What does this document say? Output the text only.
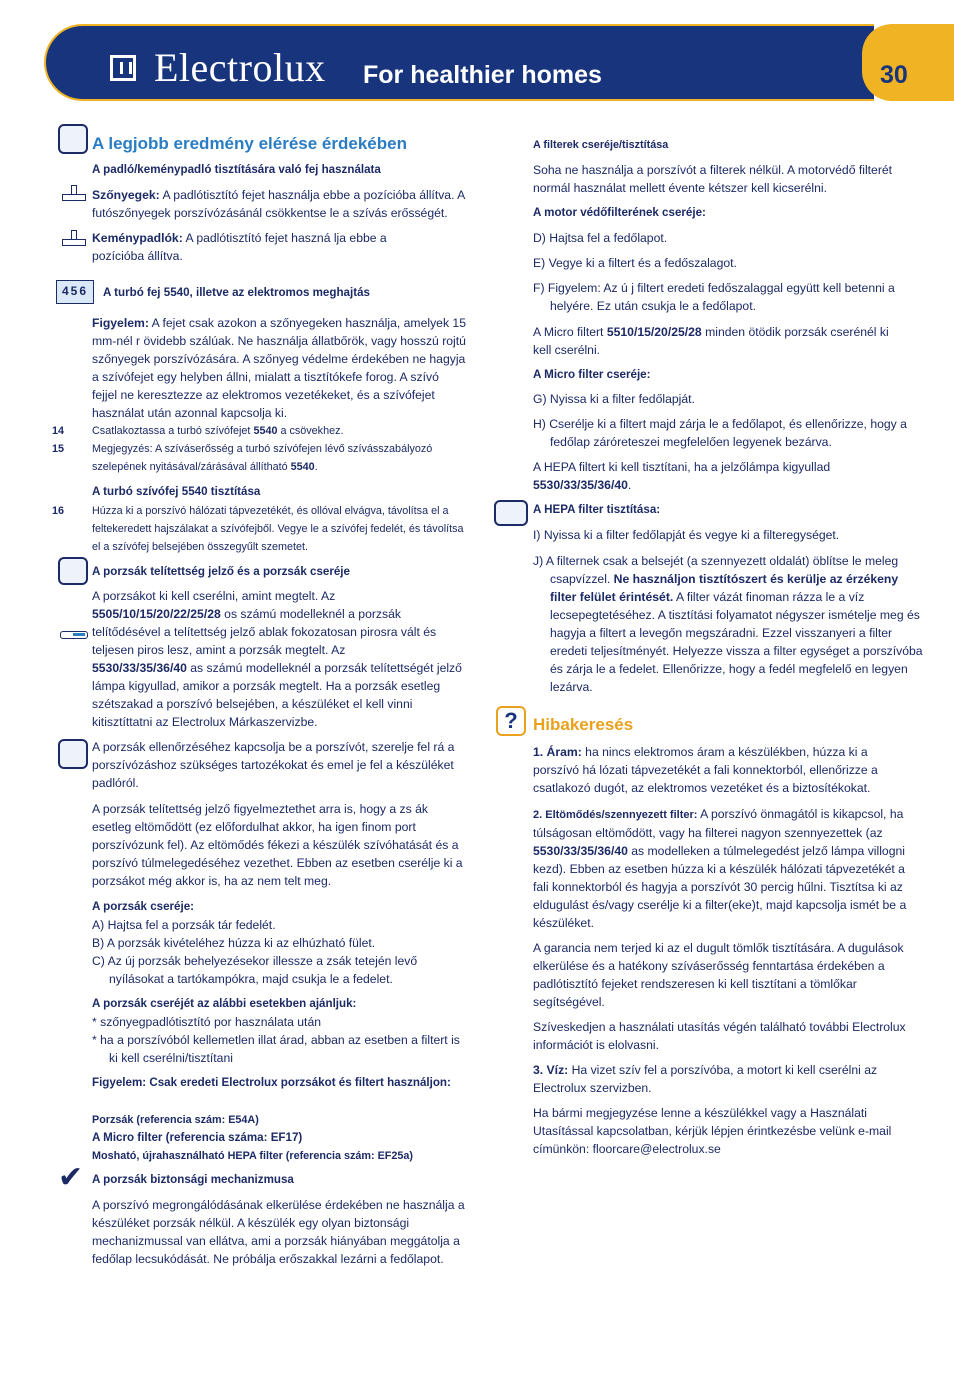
Electrolux For healthier homes	30
456
✔
A legjobb eredmény elérése érdekében
A padló/keménypadló tisztítására való fej használata
Szőnyegek: A padlótisztító fejet használja ebbe a pozícióba állítva. A futószőnyegek porszívózásánál csökkentse le a szívás erősségét.
Keménypadlók: A padlótisztító fejet haszná lja ebbe a pozícióba állítva.
A turbó fej 5540, illetve az elektromos meghajtás
Figyelem: A fejet csak azokon a szőnyegeken használja, amelyek 15 mm-nél r övidebb szálúak. Ne használja állatbőrök, vagy hosszú rojtú szőnyegek porszívózására. A szőnyeg védelme érdekében ne hagyja a szívófejet egy helyben állni, mialatt a tisztítókefe forog. A szívó fejjel ne keresztezze az elektromos vezetékeket, és a szívófejet használat után azonnal kapcsolja ki.
Csatlakoztassa a turbó szívófejet 5540 a csövekhez.
Megjegyzés: A szíváserősség a turbó szívófejen lévő szívásszabályozó szelepének nyitásával/zárásával állítható 5540.
A turbó szívófej 5540 tisztítása
Húzza ki a porszívó hálózati tápvezetékét, és ollóval elvágva, távolítsa el a feltekeredett hajszálakat a szívófejből. Vegye le a szívófej fedelét, és távolítsa el a szívófej belsejében összegyűlt szemetet.
A porzsák telítettség jelző és a porzsák cseréje
A porzsákot ki kell cserélni, amint megtelt. Az
5505/10/15/20/22/25/28 os számú modelleknél a porzsák telítődésével a telítettség jelző ablak fokozatosan pirosra vált és teljesen piros lesz, amint a porzsák megtelt. Az
5530/33/35/36/40 as számú modelleknél a porzsák telítettségét jelző lámpa kigyullad, amikor a porzsák megtelt. Ha a porzsák esetleg szétszakad a porszívó belsejében, a készüléket el kell vinni kitisztíttatni az Electrolux Márkaszervizbe.
A porzsák ellenőrzéséhez kapcsolja be a porszívót, szerelje fel rá a porszívózáshoz szükséges tartozékokat és emel je fel a készüléket padlóról.
A porzsák telítettség jelző figyelmeztethet arra is, hogy a zs ák esetleg eltömődött (ez előfordulhat akkor, ha igen finom port porszívózunk fel). Az eltömődés fékezi a készülék szívóhatását és a porszívó túlmelegedéséhez vezethet. Ebben az esetben cserélje ki a porzsákot még akkor is, ha az nem telt meg.
A porzsák cseréje:
A) Hajtsa fel a porzsák tár fedelét.
B) A porzsák kivételéhez húzza ki az elhúzható fület.
C) Az új porzsák behelyezésekor illessze a zsák tetején levő nyílásokat a tartókampókra, majd csukja le a fedelet.
A porzsák cseréjét az alábbi esetekben ajánljuk:
* szőnyegpadlótisztító por használata után
* ha a porszívóból kellemetlen illat árad, abban az esetben a filtert is ki kell cserélni/tisztítani
Figyelem: Csak eredeti Electrolux porzsákot és filtert használjon:
Porzsák (referencia szám: E54A)
A Micro filter (referencia száma: EF17)
Mosható, újrahasználható HEPA filter (referencia szám: EF25a)
A porzsák biztonsági mechanizmusa
A porszívó megrongálódásának elkerülése érdekében ne használja a készüléket porzsák nélkül. A készülék egy olyan biztonsági mechanizmussal van ellátva, ami a porzsák hiányában meggátolja a fedőlap lecsukódását. Ne próbálja erőszakkal lezárni a fedőlapot.
14
15
16
?
A filterek cseréje/tisztítása
Soha ne használja a porszívót a filterek nélkül. A motorvédő filterét normál használat mellett évente kétszer kell kicserélni.
A motor védőfilterének cseréje:
D) Hajtsa fel a fedőlapot.
E) Vegye ki a filtert és a fedőszalagot.
F) Figyelem: Az ú j filtert eredeti fedőszalaggal együtt kell betenni a helyére. Ez után csukja le a fedőlapot.
A Micro filtert 5510/15/20/25/28 minden ötödik porzsák cserénél ki kell cserélni.
A Micro filter cseréje:
G) Nyissa ki a filter fedőlapját.
H) Cserélje ki a filtert majd zárja le a fedőlapot, és ellenőrizze, hogy a fedőlap záróreteszei megfelelően legyenek bezárva.
A HEPA filtert ki kell tisztítani, ha a jelzőlámpa kigyullad
5530/33/35/36/40.
A HEPA filter tisztítása:
I) Nyissa ki a filter fedőlapját és vegye ki a filteregységet.
J) A filternek csak a belsejét (a szennyezett oldalát) öblítse le meleg csapvízzel. Ne használjon tisztítószert és kerülje az érzékeny filter felület érintését. A filter vázát finoman rázza le a víz lecsepegtetéséhez. A tisztítási folyamatot négyszer ismételje meg és hagyja a filtert a levegőn megszáradni. Ezzel visszanyeri a filter eredeti teljesítményét. Helyezze vissza a filter egységet a porszívóba és zárja le a fedelet. Ellenőrizze, hogy a fedél megfelelő en legyen lezárva.
Hibakeresés
1. Áram: ha nincs elektromos áram a készülékben, húzza ki a porszívó há lózati tápvezetékét a fali konnektorból, ellenőrizze a csatlakozó dugót, az elektromos vezetéket és a biztosítékokat.
2. Eltömődés/szennyezett filter: A porszívó önmagától is kikapcsol, ha túlságosan eltömődött, vagy ha filterei nagyon szennyezettek (az 5530/33/35/36/40 as modelleken a túlmelegedést jelző lámpa villogni kezd). Ebben az esetben húzza ki a készülék hálózati tápvezetékét a fali konnektorból és hagyja a porszívót 30 percig hűlni. Tisztítsa ki az eldugulást és/vagy cserélje ki a filter(eke)t, majd kapcsolja ismét be a készüléket.
A garancia nem terjed ki az el dugult tömlők tisztítására. A dugulások elkerülése és a hatékony szíváserősség fenntartása érdekében a padlótisztító fejeket rendszeresen ki kell tisztítani a tömlőkar segítségével.
Szíveskedjen a használati utasítás végén található további Electrolux információt is elolvasni.
3. Víz: Ha vizet szív fel a porszívóba, a motort ki kell cserélni az Electrolux szervizben.
Ha bármi megjegyzése lenne a készülékkel vagy a Használati Utasítással kapcsolatban, kérjük lépjen érintkezésbe velünk e-mail címünkön: floorcare@electrolux.se
